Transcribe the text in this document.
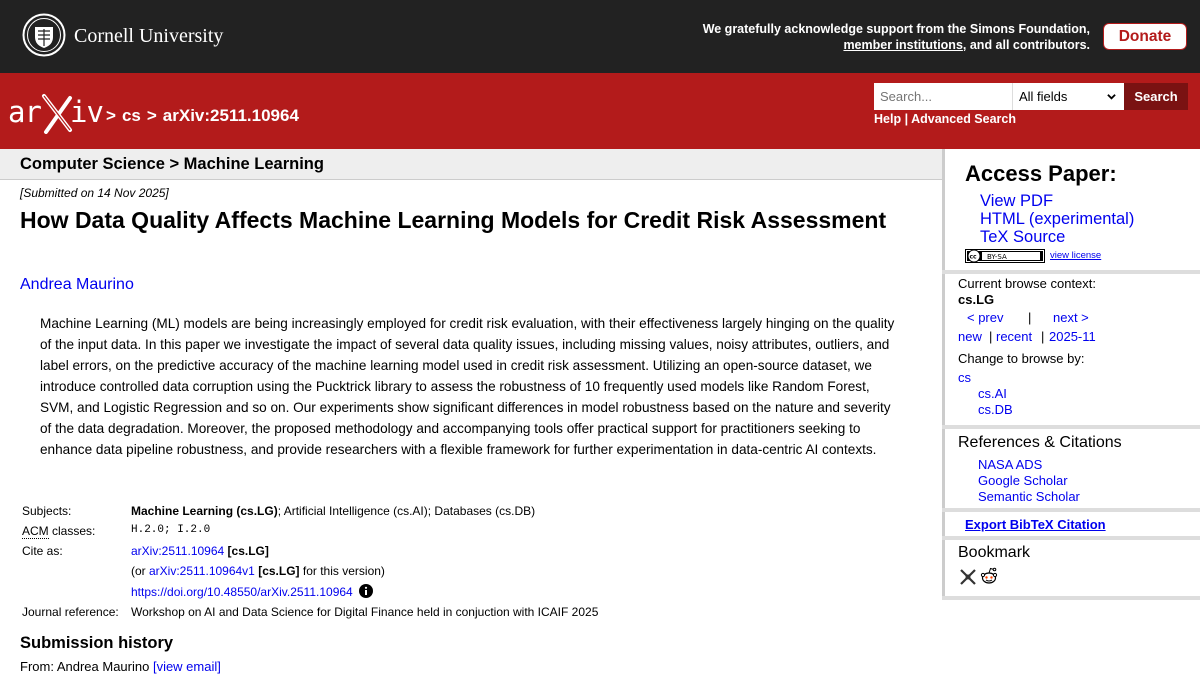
Cornell University	We gratefully acknowledge support from the Simons Foundation,
member institutions, and all contributors.	Donate
ar iv > cs > arXiv:2511.10964
Search...
All fields	Search
Help | Advanced Search
Computer Science > Machine Learning
[Submitted on 14 Nov 2025]
How Data Quality Affects Machine Learning Models for Credit Risk Assessment
Andrea Maurino
Machine Learning (ML) models are being increasingly employed for credit risk evaluation, with their effectiveness largely hinging on the quality of the input data. In this paper we investigate the impact of several data quality issues, including missing values, noisy attributes, outliers, and label errors, on the predictive accuracy of the machine learning model used in credit risk assessment. Utilizing an open-source dataset, we introduce controlled data corruption using the Pucktrick library to assess the robustness of 10 frequently used models like Random Forest, SVM, and Logistic Regression and so on. Our experiments show significant differences in model robustness based on the nature and severity of the data degradation. Moreover, the proposed methodology and accompanying tools offer practical support for practitioners seeking to enhance data pipeline robustness, and provide researchers with a flexible framework for further experimentation in data-centric AI contexts.
Subjects:	Machine Learning (cs.LG); Artificial Intelligence (cs.AI); Databases (cs.DB)
ACM classes:	H.2.0; I.2.0
Cite as:	arXiv:2511.10964 [cs.LG]
(or arXiv:2511.10964v1 [cs.LG] for this version)
https://doi.org/10.48550/arXiv.2511.10964
Journal reference:	Workshop on AI and Data Science for Digital Finance held in conjuction with ICAIF 2025
Submission history
From: Andrea Maurino [view email]
Access Paper:
View PDF
HTML (experimental)
TeX Source
cc BY-SA	view license
Current browse context:
cs.LG
< prev | next >
new | recent | 2025-11
Change to browse by:
cs
cs.AI
cs.DB
References & Citations
NASA ADS
Google Scholar
Semantic Scholar
Export BibTeX Citation
Bookmark
